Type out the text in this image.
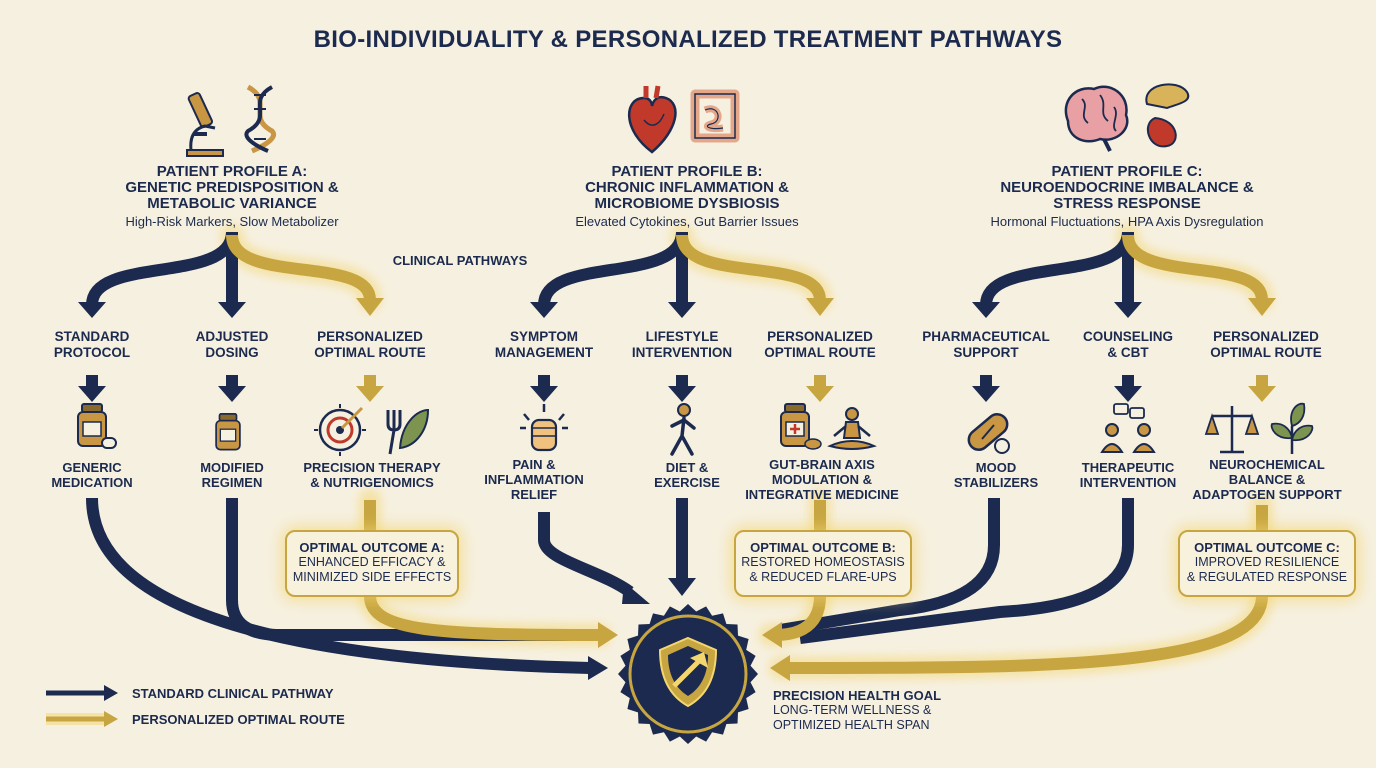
BIO-INDIVIDUALITY & PERSONALIZED TREATMENT PATHWAYS
PATIENT PROFILE A:
GENETIC PREDISPOSITION &
METABOLIC VARIANCE
High-Risk Markers, Slow Metabolizer
PATIENT PROFILE B:
CHRONIC INFLAMMATION &
MICROBIOME DYSBIOSIS
Elevated Cytokines, Gut Barrier Issues
PATIENT PROFILE C:
NEUROENDOCRINE IMBALANCE &
STRESS RESPONSE
Hormonal Fluctuations, HPA Axis Dysregulation
CLINICAL PATHWAYS
STANDARD
PROTOCOL
ADJUSTED
DOSING
PERSONALIZED
OPTIMAL ROUTE
SYMPTOM
MANAGEMENT
LIFESTYLE
INTERVENTION
PERSONALIZED
OPTIMAL ROUTE
PHARMACEUTICAL
SUPPORT
COUNSELING
& CBT
PERSONALIZED
OPTIMAL ROUTE
GENERIC
MEDICATION
MODIFIED
REGIMEN
PRECISION THERAPY
& NUTRIGENOMICS
PAIN &
INFLAMMATION
RELIEF
DIET &
EXERCISE
GUT-BRAIN AXIS
MODULATION &
INTEGRATIVE MEDICINE
MOOD
STABILIZERS
THERAPEUTIC
INTERVENTION
NEUROCHEMICAL
BALANCE &
ADAPTOGEN SUPPORT
OPTIMAL OUTCOME A:
ENHANCED EFFICACY &
MINIMIZED SIDE EFFECTS
OPTIMAL OUTCOME B:
RESTORED HOMEOSTASIS
& REDUCED FLARE-UPS
OPTIMAL OUTCOME C:
IMPROVED RESILIENCE
& REGULATED RESPONSE
PRECISION HEALTH GOAL
LONG-TERM WELLNESS &
OPTIMIZED HEALTH SPAN
STANDARD CLINICAL PATHWAY
PERSONALIZED OPTIMAL ROUTE
